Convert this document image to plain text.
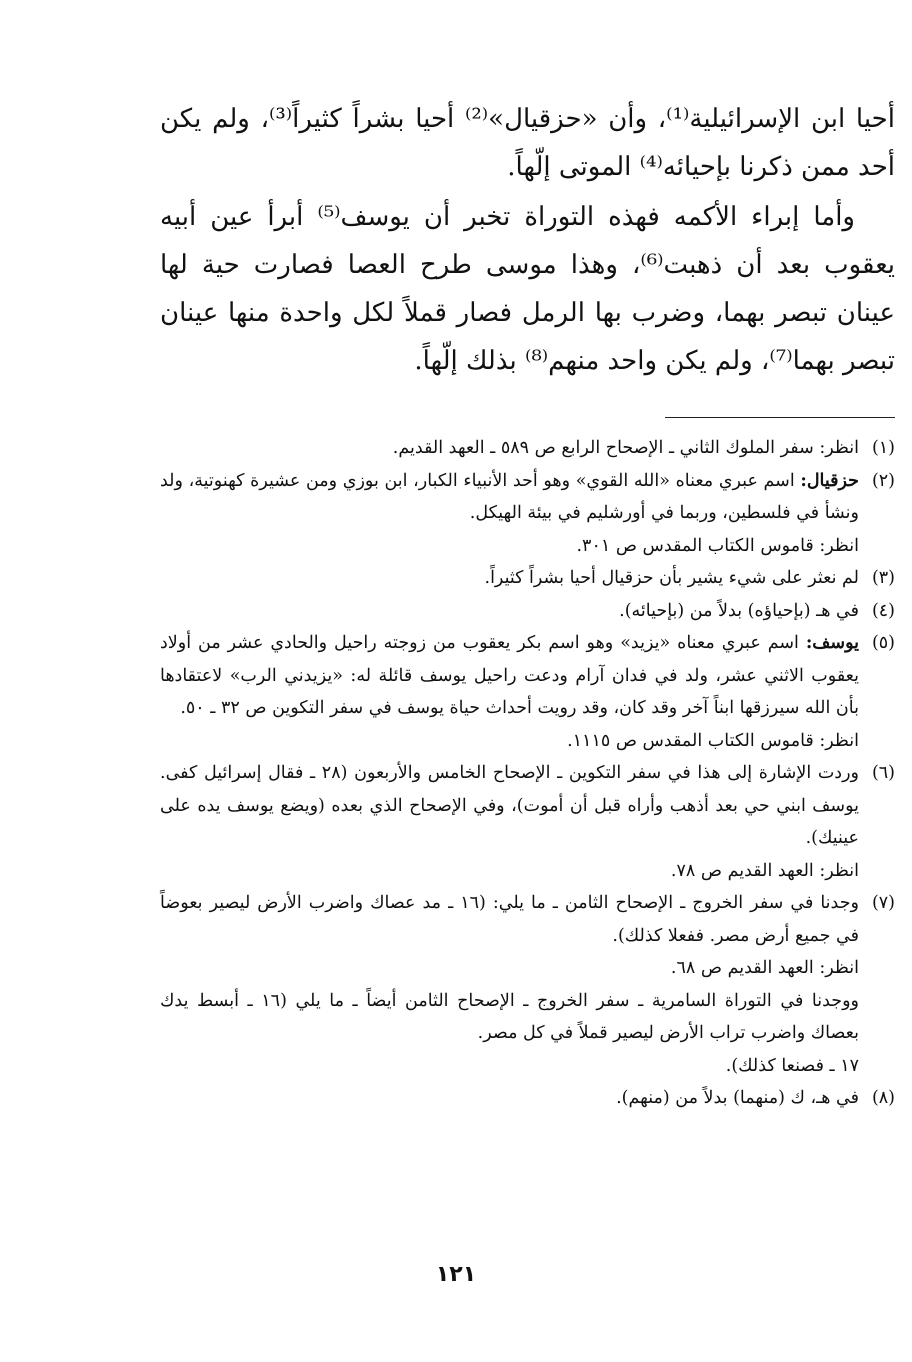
أحيا ابن الإسرائيلية⁽¹⁾، وأن «حزقيال»⁽²⁾ أحيا بشراً كثيراً⁽³⁾، ولم يكن أحد ممن ذكرنا بإحيائه⁽⁴⁾ الموتى إلّهاً.

وأما إبراء الأكمه فهذه التوراة تخبر أن يوسف⁽⁵⁾ أبرأ عين أبيه يعقوب بعد أن ذهبت⁽⁶⁾، وهذا موسى طرح العصا فصارت حية لها عينان تبصر بهما، وضرب بها الرمل فصار قملاً لكل واحدة منها عينان تبصر بهما⁽⁷⁾، ولم يكن واحد منهم⁽⁸⁾ بذلك إلّهاً.

(١)

انظر: سفر الملوك الثاني ـ الإصحاح الرابع ص ٥٨٩ ـ العهد القديم.

(٢)

حزقيال: اسم عبري معناه «الله القوي» وهو أحد الأنبياء الكبار، ابن بوزي ومن عشيرة كهنوتية، ولد ونشأ في فلسطين، وربما في أورشليم في بيئة الهيكل.

انظر: قاموس الكتاب المقدس ص ٣٠١.

(٣)

لم نعثر على شيء يشير بأن حزقيال أحيا بشراً كثيراً.

(٤)

في هـ (بإحياؤه) بدلاً من (بإحيائه).

(٥)

يوسف: اسم عبري معناه «يزيد» وهو اسم بكر يعقوب من زوجته راحيل والحادي عشر من أولاد يعقوب الاثني عشر، ولد في فدان آرام ودعت راحيل يوسف قائلة له: «يزيدني الرب» لاعتقادها بأن الله سيرزقها ابناً آخر وقد كان، وقد رويت أحداث حياة يوسف في سفر التكوين ص ٣٢ ـ ٥٠.

انظر: قاموس الكتاب المقدس ص ١١١٥.

(٦)

وردت الإشارة إلى هذا في سفر التكوين ـ الإصحاح الخامس والأربعون (٢٨ ـ فقال إسرائيل كفى. يوسف ابني حي بعد أذهب وأراه قبل أن أموت)، وفي الإصحاح الذي بعده (ويضع يوسف يده على عينيك).

انظر: العهد القديم ص ٧٨.

(٧)

وجدنا في سفر الخروج ـ الإصحاح الثامن ـ ما يلي: (١٦ ـ مد عصاك واضرب الأرض ليصير بعوضاً في جميع أرض مصر. ففعلا كذلك).

انظر: العهد القديم ص ٦٨.

ووجدنا في التوراة السامرية ـ سفر الخروج ـ الإصحاح الثامن أيضاً ـ ما يلي (١٦ ـ أبسط يدك بعصاك واضرب تراب الأرض ليصير قملاً في كل مصر.

١٧ ـ فصنعا كذلك).

(٨)

في هـ، ك (منهما) بدلاً من (منهم).

١٢١
